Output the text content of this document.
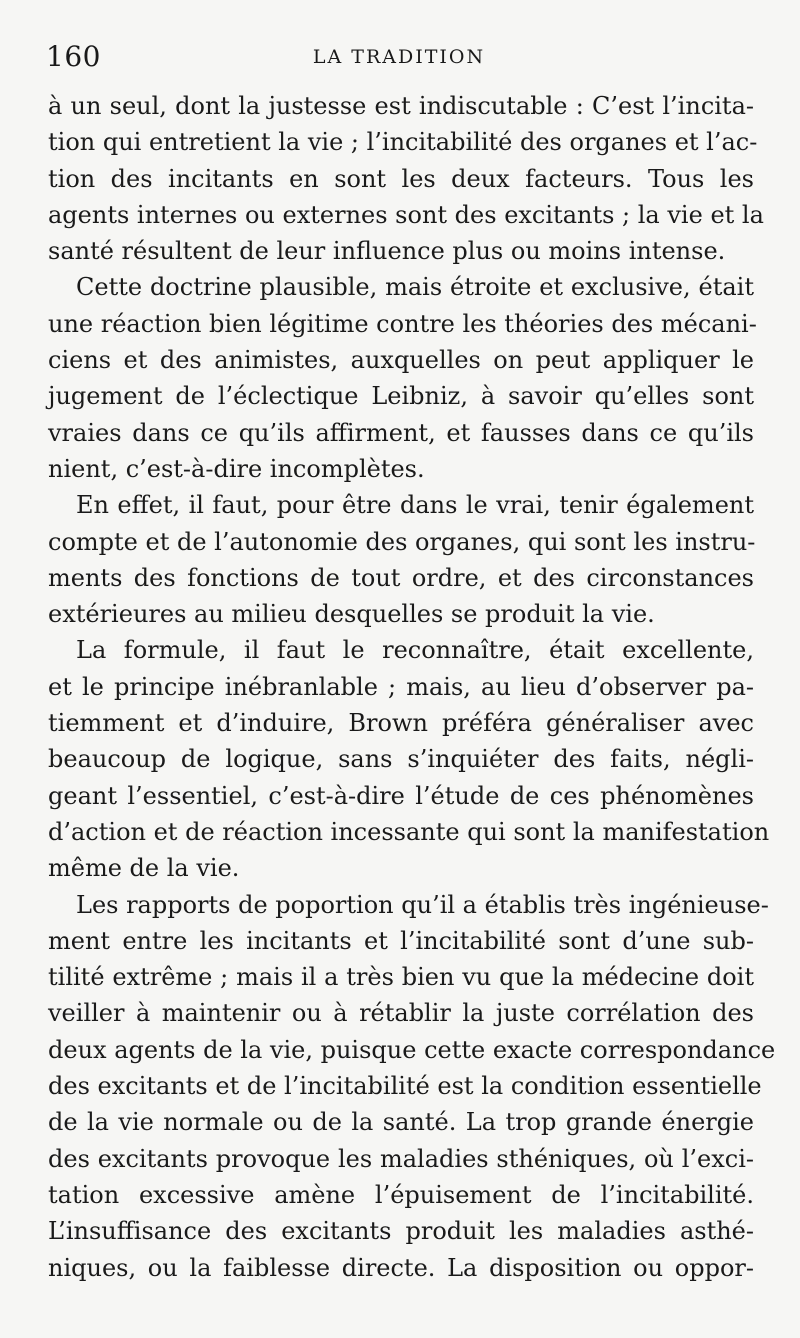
160	LA TRADITION
à un seul, dont la justesse est indiscutable : C’est l’incita-
tion qui entretient la vie ; l’incitabilité des organes et l’ac-
tion des incitants en sont les deux facteurs. Tous les
agents internes ou externes sont des excitants ; la vie et la
santé résultent de leur influence plus ou moins intense.
Cette doctrine plausible, mais étroite et exclusive, était
une réaction bien légitime contre les théories des mécani-
ciens et des animistes, auxquelles on peut appliquer le
jugement de l’éclectique Leibniz, à savoir qu’elles sont
vraies dans ce qu’ils affirment, et fausses dans ce qu’ils
nient, c’est-à-dire incomplètes.
En effet, il faut, pour être dans le vrai, tenir également
compte et de l’autonomie des organes, qui sont les instru-
ments des fonctions de tout ordre, et des circonstances
extérieures au milieu desquelles se produit la vie.
La formule, il faut le reconnaître, était excellente,
et le principe inébranlable ; mais, au lieu d’observer pa-
tiemment et d’induire, Brown préféra généraliser avec
beaucoup de logique, sans s’inquiéter des faits, négli-
geant l’essentiel, c’est-à-dire l’étude de ces phénomènes
d’action et de réaction incessante qui sont la manifestation
même de la vie.
Les rapports de poportion qu’il a établis très ingénieuse-
ment entre les incitants et l’incitabilité sont d’une sub-
tilité extrême ; mais il a très bien vu que la médecine doit
veiller à maintenir ou à rétablir la juste corrélation des
deux agents de la vie, puisque cette exacte correspondance
des excitants et de l’incitabilité est la condition essentielle
de la vie normale ou de la santé. La trop grande énergie
des excitants provoque les maladies sthéniques, où l’exci-
tation excessive amène l’épuisement de l’incitabilité.
L’insuffisance des excitants produit les maladies asthé-
niques, ou la faiblesse directe. La disposition ou oppor-
